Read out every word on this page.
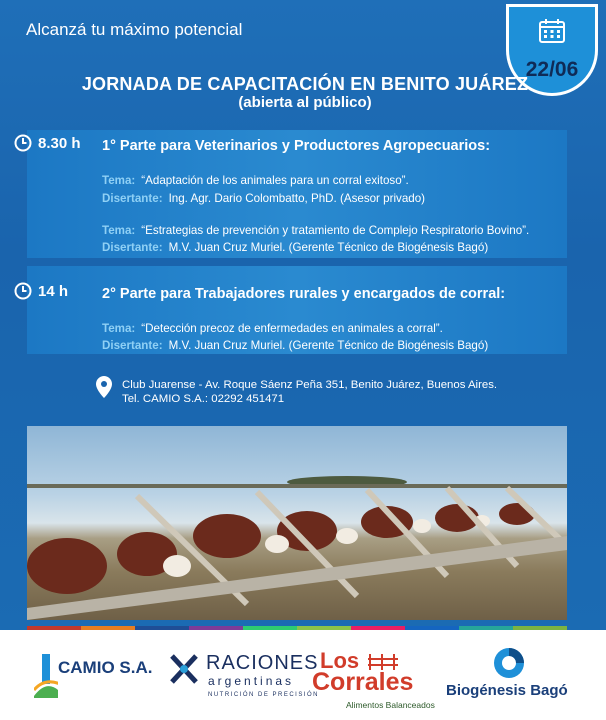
Alcanzá tu máximo potencial
22/06
JORNADA DE CAPACITACIÓN EN BENITO JUÁREZ
(abierta al público)
8.30 h 1° Parte para Veterinarios y Productores Agropecuarios:
Tema: “Adaptación de los animales para un corral exitoso”.
Disertante: Ing. Agr. Dario Colombatto, PhD. (Asesor privado)
Tema: “Estrategias de prevención y tratamiento de Complejo Respiratorio Bovino”.
Disertante: M.V. Juan Cruz Muriel. (Gerente Técnico de Biogénesis Bagó)
14 h 2° Parte para Trabajadores rurales y encargados de corral:
Tema: “Detección precoz de enfermedades en animales a corral”.
Disertante: M.V. Juan Cruz Muriel. (Gerente Técnico de Biogénesis Bagó)
Club Juarense - Av. Roque Sáenz Peña 351, Benito Juárez, Buenos Aires.
Tel. CAMIO S.A.: 02292 451471
CAMIO S.A.	RACIONES
argentinas
NUTRICIÓN DE PRECISIÓN
Los
Corrales
Alimentos Balanceados
Biogénesis Bagó
